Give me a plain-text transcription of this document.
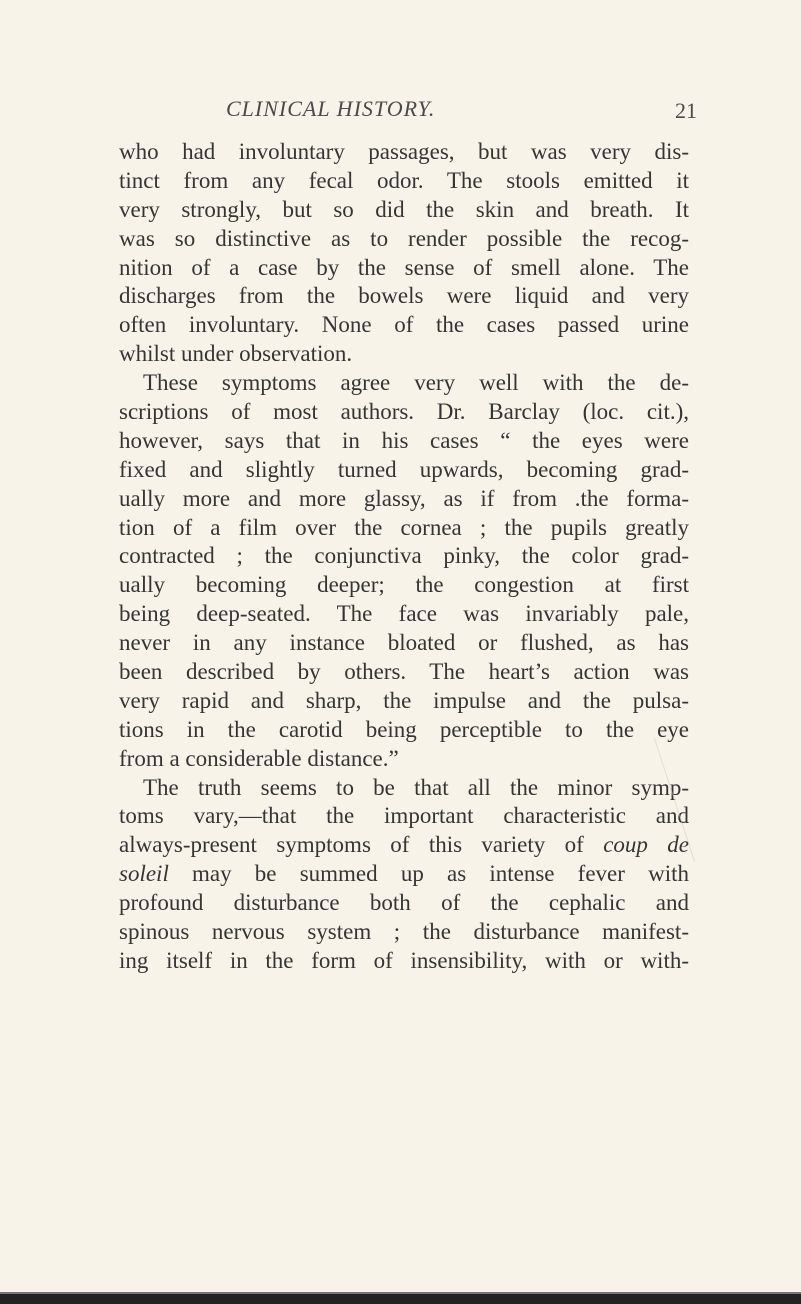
CLINICAL HISTORY.	21
who had involuntary passages, but was very dis-
tinct from any fecal odor. The stools emitted it
very strongly, but so did the skin and breath. It
was so distinctive as to render possible the recog-
nition of a case by the sense of smell alone. The
discharges from the bowels were liquid and very
often involuntary. None of the cases passed urine
whilst under observation.
These symptoms agree very well with the de-
scriptions of most authors. Dr. Barclay (loc. cit.),
however, says that in his cases “ the eyes were
fixed and slightly turned upwards, becoming grad-
ually more and more glassy, as if from .the forma-
tion of a film over the cornea ; the pupils greatly
contracted ; the conjunctiva pinky, the color grad-
ually becoming deeper; the congestion at first
being deep-seated. The face was invariably pale,
never in any instance bloated or flushed, as has
been described by others. The heart’s action was
very rapid and sharp, the impulse and the pulsa-
tions in the carotid being perceptible to the eye
from a considerable distance.”
The truth seems to be that all the minor symp-
toms vary,—that the important characteristic and
always-present symptoms of this variety of coup de
soleil may be summed up as intense fever with
profound disturbance both of the cephalic and
spinous nervous system ; the disturbance manifest-
ing itself in the form of insensibility, with or with-
